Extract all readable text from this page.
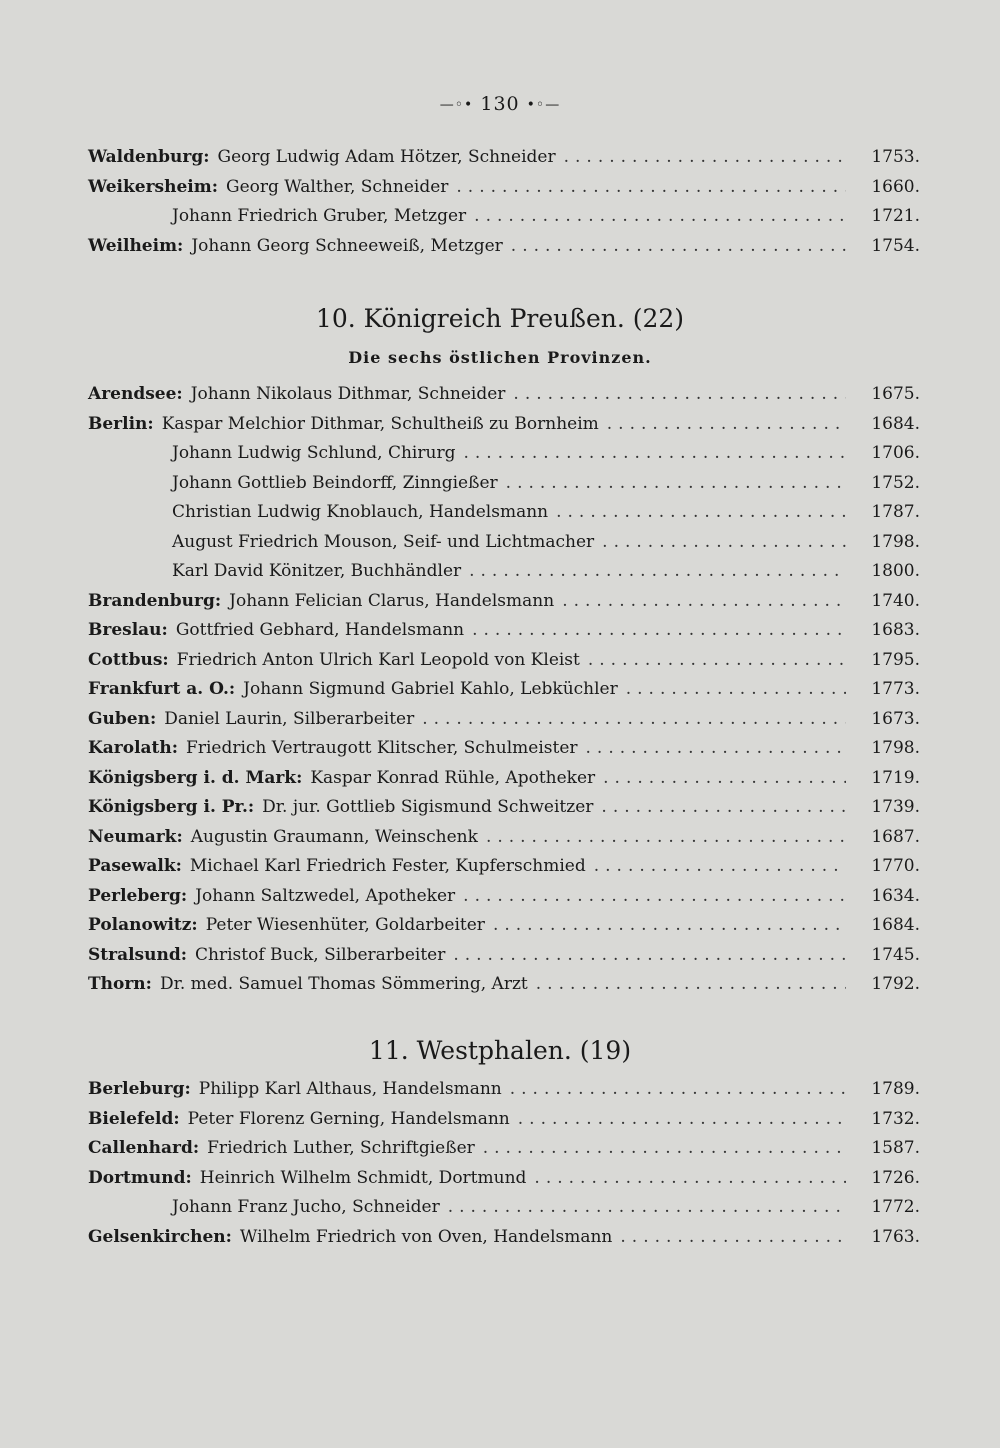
—◦• 130 •◦—
Waldenburg: Georg Ludwig Adam Hötzer, Schneider .....	1753.
Weikersheim: Georg Walther, Schneider .....	1660.
Johann Friedrich Gruber, Metzger .....	1721.
Weilheim: Johann Georg Schneeweiß, Metzger .....	1754.
10. Königreich Preußen. (22)
Die sechs östlichen Provinzen.
Arendsee: Johann Nikolaus Dithmar, Schneider .....	1675.
Berlin: Kaspar Melchior Dithmar, Schultheiß zu Bornheim .....	1684.
Johann Ludwig Schlund, Chirurg .....	1706.
Johann Gottlieb Beindorff, Zinngießer .....	1752.
Christian Ludwig Knoblauch, Handelsmann .....	1787.
August Friedrich Mouson, Seif- und Lichtmacher .....	1798.
Karl David Könitzer, Buchhändler .....	1800.
Brandenburg: Johann Felician Clarus, Handelsmann .....	1740.
Breslau: Gottfried Gebhard, Handelsmann .....	1683.
Cottbus: Friedrich Anton Ulrich Karl Leopold von Kleist .....	1795.
Frankfurt a. O.: Johann Sigmund Gabriel Kahlo, Lebküchler .....	1773.
Guben: Daniel Laurin, Silberarbeiter .....	1673.
Karolath: Friedrich Vertraugott Klitscher, Schulmeister .....	1798.
Königsberg i. d. Mark: Kaspar Konrad Rühle, Apotheker .....	1719.
Königsberg i. Pr.: Dr. jur. Gottlieb Sigismund Schweitzer .....	1739.
Neumark: Augustin Graumann, Weinschenk .....	1687.
Pasewalk: Michael Karl Friedrich Fester, Kupferschmied .....	1770.
Perleberg: Johann Saltzwedel, Apotheker .....	1634.
Polanowitz: Peter Wiesenhüter, Goldarbeiter .....	1684.
Stralsund: Christof Buck, Silberarbeiter .....	1745.
Thorn: Dr. med. Samuel Thomas Sömmering, Arzt .....	1792.
11. Westphalen. (19)
Berleburg: Philipp Karl Althaus, Handelsmann .....	1789.
Bielefeld: Peter Florenz Gerning, Handelsmann .....	1732.
Callenhard: Friedrich Luther, Schriftgießer .....	1587.
Dortmund: Heinrich Wilhelm Schmidt, Dortmund .....	1726.
Johann Franz Jucho, Schneider .....	1772.
Gelsenkirchen: Wilhelm Friedrich von Oven, Handelsmann .....	1763.
